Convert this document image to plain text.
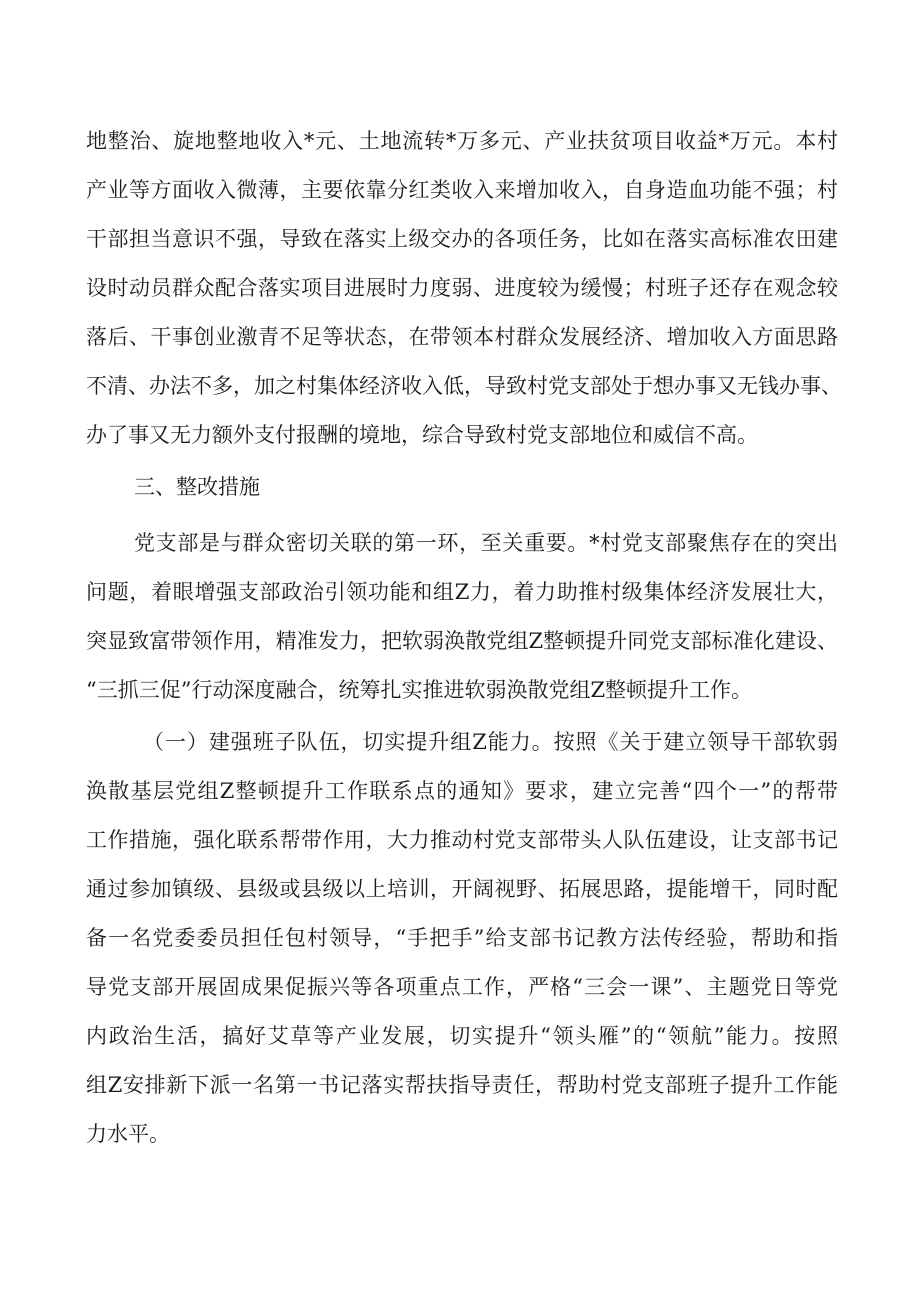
地整治、旋地整地收入*元、土地流转*万多元、产业扶贫项目收益*万元。本村
产业等方面收入微薄，主要依靠分红类收入来增加收入，自身造血功能不强；村
干部担当意识不强，导致在落实上级交办的各项任务，比如在落实高标准农田建
设时动员群众配合落实项目进展时力度弱、进度较为缓慢；村班子还存在观念较
落后、干事创业激青不足等状态，在带领本村群众发展经济、增加收入方面思路
不清、办法不多，加之村集体经济收入低，导致村党支部处于想办事又无钱办事、
办了事又无力额外支付报酬的境地，综合导致村党支部地位和威信不高。
三、整改措施
党支部是与群众密切关联的第一环，至关重要。*村党支部聚焦存在的突出
问题，着眼增强支部政治引领功能和组Z力，着力助推村级集体经济发展壮大，
突显致富带领作用，精准发力，把软弱涣散党组Z整顿提升同党支部标准化建设、
“三抓三促”行动深度融合，统筹扎实推进软弱涣散党组Z整顿提升工作。
（一）建强班子队伍，切实提升组Z能力。按照《关于建立领导干部软弱
涣散基层党组Z整顿提升工作联系点的通知》要求，建立完善“四个一”的帮带
工作措施，强化联系帮带作用，大力推动村党支部带头人队伍建设，让支部书记
通过参加镇级、县级或县级以上培训，开阔视野、拓展思路，提能增干，同时配
备一名党委委员担任包村领导，“手把手”给支部书记教方法传经验，帮助和指
导党支部开展固成果促振兴等各项重点工作，严格“三会一课”、主题党日等党
内政治生活，搞好艾草等产业发展，切实提升“领头雁”的“领航”能力。按照
组Z安排新下派一名第一书记落实帮扶指导责任，帮助村党支部班子提升工作能
力水平。
